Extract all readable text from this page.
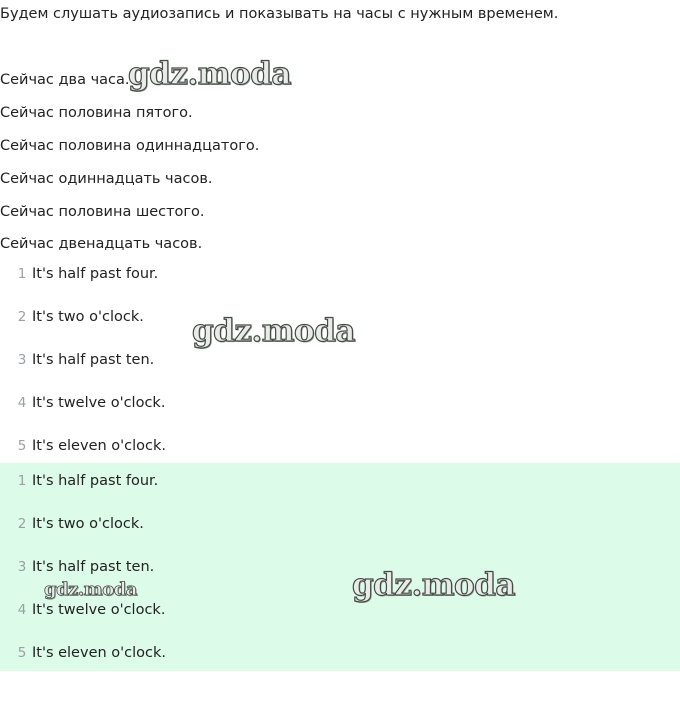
Будем слушать аудиозапись и показывать на часы с нужным временем.
Сейчас два часа.
Сейчас половина пятого.
Сейчас половина одиннадцатого.
Сейчас одиннадцать часов.
Сейчас половина шестого.
Сейчас двенадцать часов.
1 It's half past four.
2 It's two o'clock.
3 It's half past ten.
4 It's twelve o'clock.
5 It's eleven o'clock.
1 It's half past four.
2 It's two o'clock.
3 It's half past ten.
4 It's twelve o'clock.
5 It's eleven o'clock.
gdz.moda
gdz.moda
gdz.moda
gdz.moda
